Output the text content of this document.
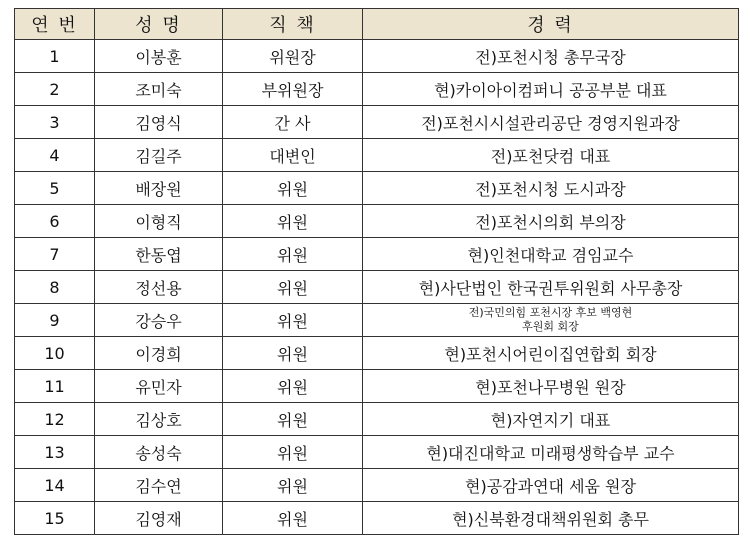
연 번	성 명	직 책	경 력
1	이봉훈	위원장	전)포천시청 총무국장
2	조미숙	부위원장	현)카이아이컴퍼니 공공부분 대표
3	김영식	간 사	전)포천시시설관리공단 경영지원과장
4	김길주	대변인	전)포천닷컴 대표
5	배장원	위원	전)포천시청 도시과장
6	이형직	위원	전)포천시의회 부의장
7	한동엽	위원	현)인천대학교 겸임교수
8	정선용	위원	현)사단법인 한국권투위원회 사무총장
9	강승우	위원	전)국민의힘 포천시장 후보 백영현
후원회 회장
10	이경희	위원	현)포천시어린이집연합회 회장
11	유민자	위원	현)포천나무병원 원장
12	김상호	위원	현)자연지기 대표
13	송성숙	위원	현)대진대학교 미래평생학습부 교수
14	김수연	위원	현)공감과연대 세움 원장
15	김영재	위원	현)신북환경대책위원회 총무
